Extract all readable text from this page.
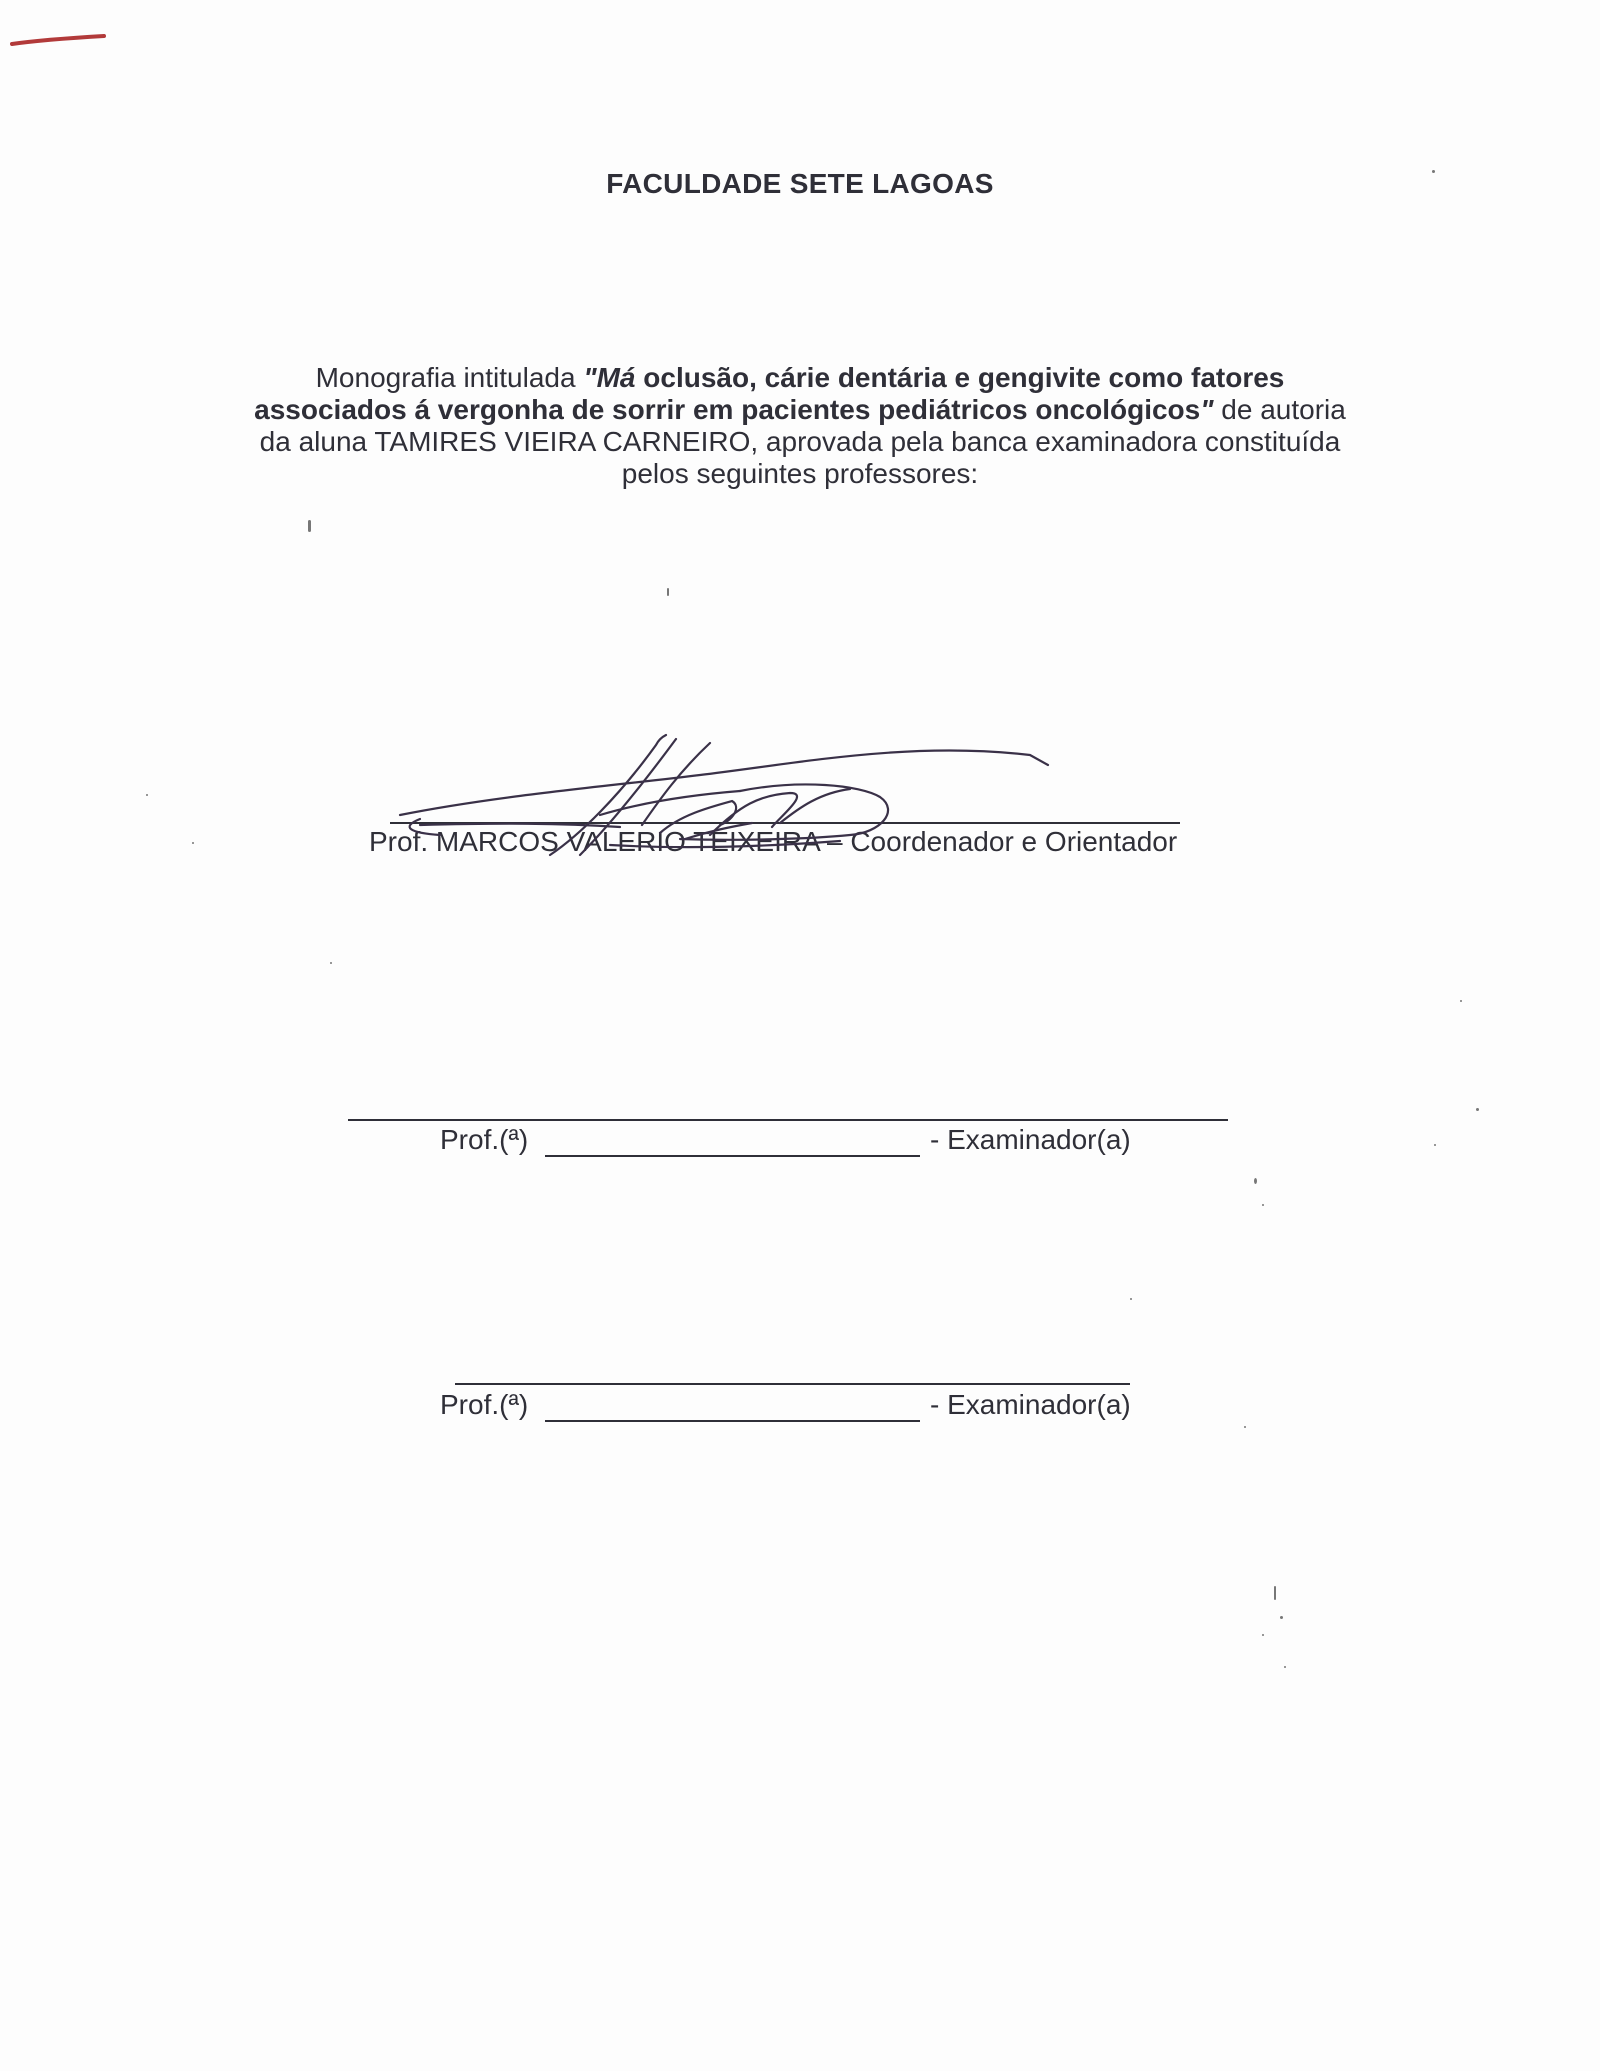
FACULDADE SETE LAGOAS
Monografia intitulada "Má oclusão, cárie dentária e gengivite como fatores associados á vergonha de sorrir em pacientes pediátricos oncológicos" de autoria da aluna TAMIRES VIEIRA CARNEIRO, aprovada pela banca examinadora constituída pelos seguintes professores:
Prof. MARCOS VALERIO TEIXEIRA – Coordenador e Orientador
Prof.(ª)	- Examinador(a)
Prof.(ª)	- Examinador(a)
